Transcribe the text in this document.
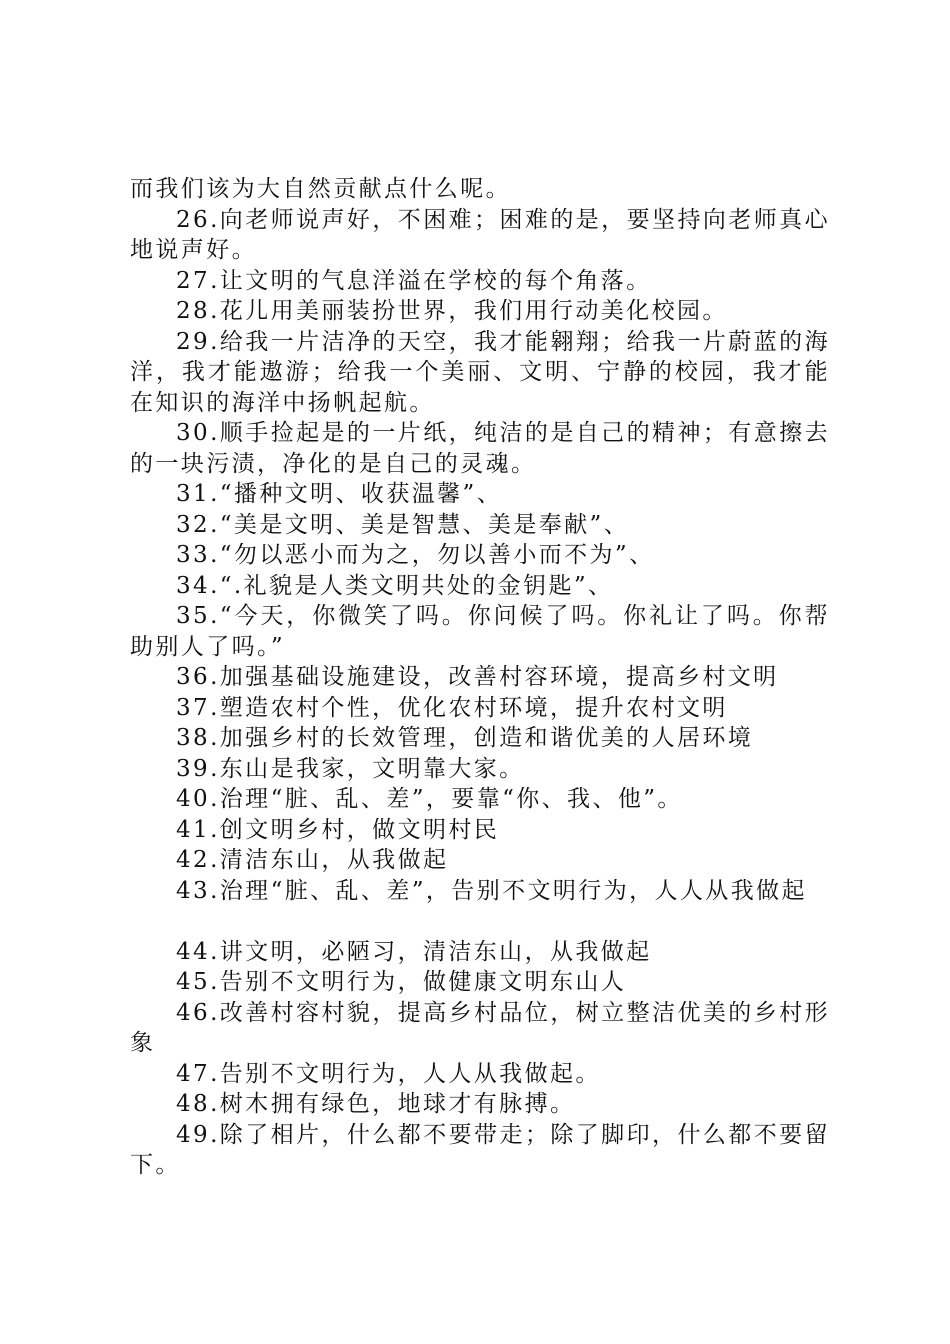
而我们该为大自然贡献点什么呢。

26.向老师说声好，不困难；困难的是，要坚持向老师真心地说声好。

27.让文明的气息洋溢在学校的每个角落。

28.花儿用美丽装扮世界，我们用行动美化校园。

29.给我一片洁净的天空，我才能翱翔；给我一片蔚蓝的海洋，我才能遨游；给我一个美丽、文明、宁静的校园，我才能在知识的海洋中扬帆起航。

30.顺手捡起是的一片纸，纯洁的是自己的精神；有意擦去的一块污渍，净化的是自己的灵魂。

31.“播种文明、收获温馨”、

32.“美是文明、美是智慧、美是奉献”、

33.“勿以恶小而为之，勿以善小而不为”、

34.“.礼貌是人类文明共处的金钥匙”、

35.“今天，你微笑了吗。你问候了吗。你礼让了吗。你帮助别人了吗。”

36.加强基础设施建设，改善村容环境，提高乡村文明

37.塑造农村个性，优化农村环境，提升农村文明

38.加强乡村的长效管理，创造和谐优美的人居环境

39.东山是我家，文明靠大家。

40.治理“脏、乱、差”，要靠“你、我、他”。

41.创文明乡村，做文明村民

42.清洁东山，从我做起

43.治理“脏、乱、差”，告别不文明行为，人人从我做起

44.讲文明，必陋习，清洁东山，从我做起

45.告别不文明行为，做健康文明东山人

46.改善村容村貌，提高乡村品位，树立整洁优美的乡村形象

47.告别不文明行为，人人从我做起。

48.树木拥有绿色，地球才有脉搏。

49.除了相片，什么都不要带走；除了脚印，什么都不要留下。
